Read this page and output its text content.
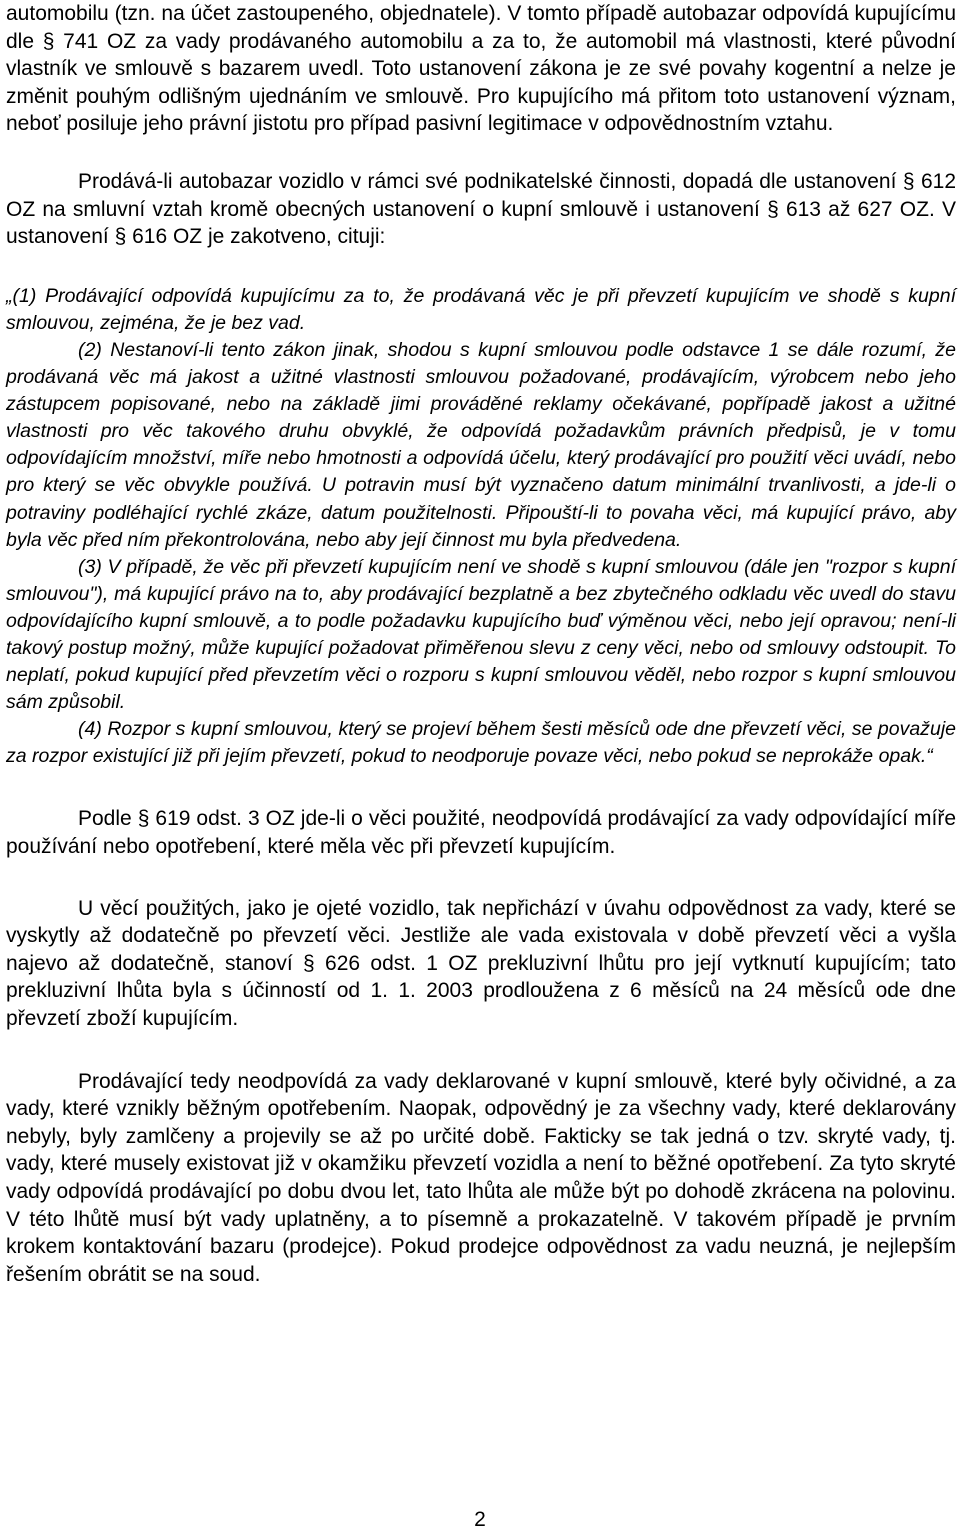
automobilu (tzn. na účet zastoupeného, objednatele). V tomto případě autobazar odpovídá kupujícímu dle § 741 OZ za vady prodávaného automobilu a za to, že automobil má vlastnosti, které původní vlastník ve smlouvě s bazarem uvedl. Toto ustanovení zákona je ze své povahy kogentní a nelze je změnit pouhým odlišným ujednáním ve smlouvě. Pro kupujícího má přitom toto ustanovení význam, neboť posiluje jeho právní jistotu pro případ pasivní legitimace v odpovědnostním vztahu.

Prodává-li autobazar vozidlo v rámci své podnikatelské činnosti, dopadá dle ustanovení § 612 OZ na smluvní vztah kromě obecných ustanovení o kupní smlouvě i ustanovení § 613 až 627 OZ. V ustanovení § 616 OZ je zakotveno, cituji:

„(1) Prodávající odpovídá kupujícímu za to, že prodávaná věc je při převzetí kupujícím ve shodě s kupní smlouvou, zejména, že je bez vad.

(2) Nestanoví-li tento zákon jinak, shodou s kupní smlouvou podle odstavce 1 se dále rozumí, že prodávaná věc má jakost a užitné vlastnosti smlouvou požadované, prodávajícím, výrobcem nebo jeho zástupcem popisované, nebo na základě jimi prováděné reklamy očekávané, popřípadě jakost a užitné vlastnosti pro věc takového druhu obvyklé, že odpovídá požadavkům právních předpisů, je v tomu odpovídajícím množství, míře nebo hmotnosti a odpovídá účelu, který prodávající pro použití věci uvádí, nebo pro který se věc obvykle používá. U potravin musí být vyznačeno datum minimální trvanlivosti, a jde-li o potraviny podléhající rychlé zkáze, datum použitelnosti. Připouští-li to povaha věci, má kupující právo, aby byla věc před ním překontrolována, nebo aby její činnost mu byla předvedena.

(3) V případě, že věc při převzetí kupujícím není ve shodě s kupní smlouvou (dále jen "rozpor s kupní smlouvou"), má kupující právo na to, aby prodávající bezplatně a bez zbytečného odkladu věc uvedl do stavu odpovídajícího kupní smlouvě, a to podle požadavku kupujícího buď výměnou věci, nebo její opravou; není-li takový postup možný, může kupující požadovat přiměřenou slevu z ceny věci, nebo od smlouvy odstoupit. To neplatí, pokud kupující před převzetím věci o rozporu s kupní smlouvou věděl, nebo rozpor s kupní smlouvou sám způsobil.

(4) Rozpor s kupní smlouvou, který se projeví během šesti měsíců ode dne převzetí věci, se považuje za rozpor existující již při jejím převzetí, pokud to neodporuje povaze věci, nebo pokud se neprokáže opak.“

Podle § 619 odst. 3 OZ jde-li o věci použité, neodpovídá prodávající za vady odpovídající míře používání nebo opotřebení, které měla věc při převzetí kupujícím.

U věcí použitých, jako je ojeté vozidlo, tak nepřichází v úvahu odpovědnost za vady, které se vyskytly až dodatečně po převzetí věci. Jestliže ale vada existovala v době převzetí věci a vyšla najevo až dodatečně, stanoví § 626 odst. 1 OZ prekluzivní lhůtu pro její vytknutí kupujícím; tato prekluzivní lhůta byla s účinností od 1. 1. 2003 prodloužena z 6 měsíců na 24 měsíců ode dne převzetí zboží kupujícím.

Prodávající tedy neodpovídá za vady deklarované v kupní smlouvě, které byly očividné, a za vady, které vznikly běžným opotřebením. Naopak, odpovědný je za všechny vady, které deklarovány nebyly, byly zamlčeny a projevily se až po určité době. Fakticky se tak jedná o tzv. skryté vady, tj. vady, které musely existovat již v okamžiku převzetí vozidla a není to běžné opotřebení. Za tyto skryté vady odpovídá prodávající po dobu dvou let, tato lhůta ale může být po dohodě zkrácena na polovinu. V této lhůtě musí být vady uplatněny, a to písemně a prokazatelně. V takovém případě je prvním krokem kontaktování bazaru (prodejce). Pokud prodejce odpovědnost za vadu neuzná, je nejlepším řešením obrátit se na soud.

2
